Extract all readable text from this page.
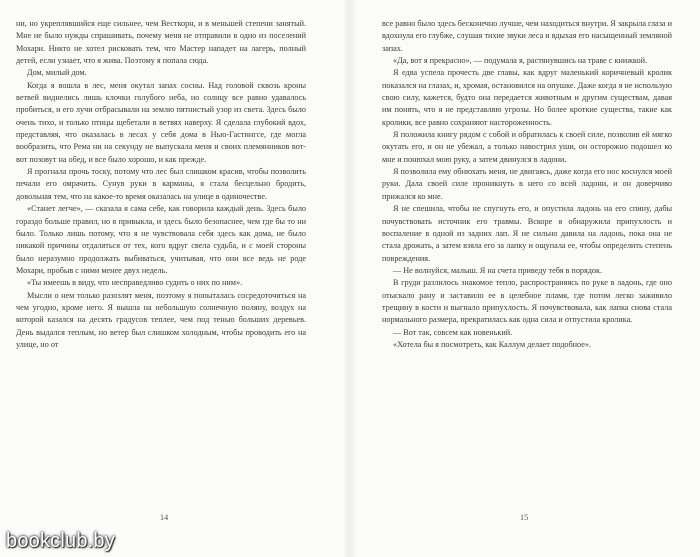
ни, но укреплявшийся еще сильнее, чем Весткорн, и в меньшей степени занятый. Мне не было нужды спрашивать, почему меня не отправили в одно из поселений Мохари. Никто не хотел рисковать тем, что Мастер нападет на лагерь, полный детей, если узнает, что я жива. Поэтому я попала сюда.

Дом, милый дом.

Когда я вошла в лес, меня окутал запах сосны. Над головой сквозь кроны ветвей виднелись лишь клочки голубого неба, но солнцу все равно удавалось пробиться, и его лучи отбрасывали на землю пятнистый узор из света. Здесь было очень тихо, и только птицы щебетали в ветвях наверху. Я сделала глубокий вдох, представляя, что оказалась в лесах у себя дома в Нью-Гастингсе, где могла вообразить, что Рема ни на секунду не выпускала меня и своих племянников вот-вот позовут на обед, и все было хорошо, и как прежде.

Я прогнала прочь тоску, потому что лес был слишком красив, чтобы позволить печали его омрачить. Сунув руки в карманы, я стала бесцельно бродить, довольная тем, что на какое-то время оказалась на улице в одиночестве.

«Станет легче», — сказала я сама себе, как говорила каждый день. Здесь было гораздо больше правил, но я привыкла, и здесь было безопаснее, чем где бы то ни было. Только лишь потому, что я не чувствовала себя здесь как дома, не было никакой причины отдаляться от тех, кого вдруг свела судьба, и с моей стороны было неразумно продолжать выбиваться, учитывая, что они все ведь не роде Мохари, пробыв с ними менее двух недель.

«Ты имеешь в виду, что несправедливо судить о них по ним».

Мысли о нем только разозлят меня, поэтому я попыталась сосредоточиться на чем угодно, кроме него. Я вышла на небольшую солнечную поляну, воздух на которой казался на десять градусов теплее, чем под тенью больших деревьев. День выдался теплым, но ветер был слишком холодным, чтобы проводить его на улице, но от

все равно было здесь бесконечно лучше, чем находиться внутри. Я закрыла глаза и вдохнула его глубже, слушая тихие звуки леса и вдыхая его насыщенный земляной запах.

«Да, вот я прекрасно», — подумала я, растянувшись на траве с книжкой.

Я едва успела прочесть две главы, как вдруг маленький коричневый кролик показался на глазах, и, хромая, остановился на опушке. Даже когда я не использую свою силу, кажется, будто она передается животным и другим существам, давая им понять, что я не представляю угрозы. Но более кроткие существа, такие как кролики, все равно сохраняют настороженность.

Я положила книгу рядом с собой и обратилась к своей силе, позволив ей мягко окутать его, и он не убежал, а только навострил уши, он осторожно подошел ко мне и понюхал мою руку, а затем двинулся в ладони.

Я позволила ему обнюхать меня, не двигаясь, даже когда его нос коснулся моей руки. Дала своей силе проникнуть в него со всей ладони, и он доверчиво прижался ко мне.

Я не спешила, чтобы не спугнуть его, и опустила ладонь на его спину, дабы почувствовать источник его травмы. Вскоре я обнаружила припухлость и воспаление в одной из задних лап. Я не сильно давила на ладонь, пока она не стала дрожать, а затем взяла его за лапку и ощупала ее, чтобы определить степень повреждения.

— Не волнуйся, малыш. Я на счета приведу тебя в порядок.

В груди разлилось знакомое тепло, распространяясь по руке в ладонь, где оно отыскало рану и заставило ее в целебное пламя, где потом легко заживило трещину в кости и выгнало припухлость. Я почувствовала, как лапка снова стала нормального размера, прекратилась как одна сила и отпустила кролика.

— Вот так, совсем как новенький.

«Хотела бы я посмотреть, как Каллум делает подобное».

14	15
bookclub.by
